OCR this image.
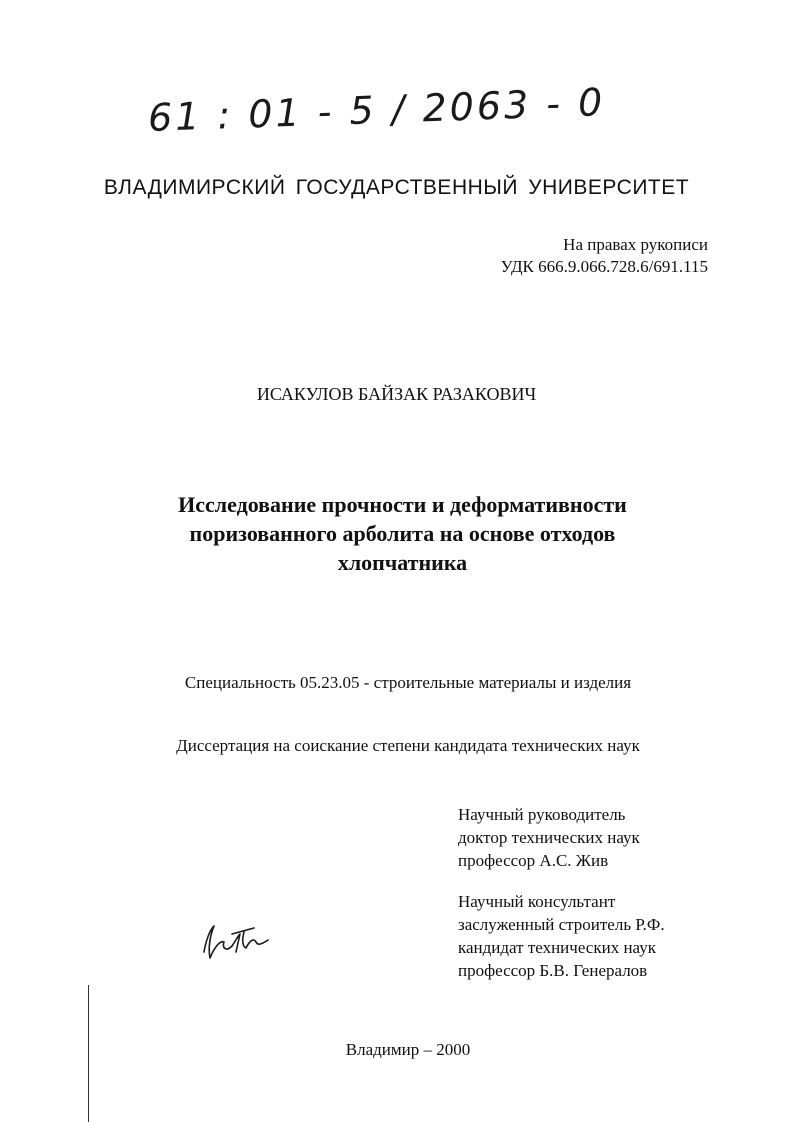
61 : 01 - 5 / 2063 - 0
ВЛАДИМИРСКИЙ ГОСУДАРСТВЕННЫЙ УНИВЕРСИТЕТ
На правах рукописи
УДК 666.9.066.728.6/691.115
ИСАКУЛОВ БАЙЗАК РАЗАКОВИЧ
Исследование прочности и деформативности
поризованного арболита на основе отходов
хлопчатника
Специальность 05.23.05 - строительные материалы и изделия
Диссертация на соискание степени кандидата технических наук
Научный руководитель
доктор технических наук
профессор А.С. Жив
Научный консультант
заслуженный строитель Р.Ф.
кандидат технических наук
профессор Б.В. Генералов
Владимир – 2000
